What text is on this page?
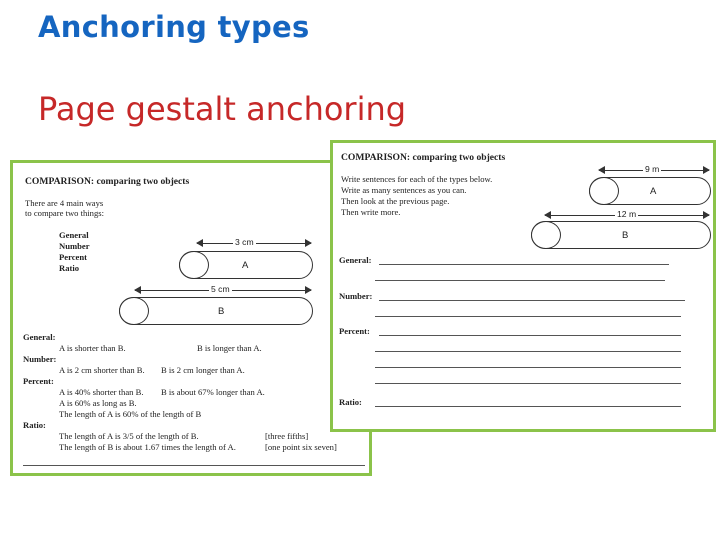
Anchoring types
Page gestalt anchoring
COMPARISON: comparing two objects
There are 4 main ways
to compare two things:
General
Number
Percent
Ratio
3 cm
A
5 cm
B
General:
A is shorter than B.	B is longer than A.
Number:
A is 2 cm shorter than B. B is 2 cm longer than A.
Percent:
A is 40% shorter than B. B is about 67% longer than A.
A is 60% as long as B.
The length of A is 60% of the length of B
Ratio:
The length of A is 3/5 of the length of B.	[three fifths]
The length of B is about 1.67 times the length of A.	[one point six seven]
COMPARISON: comparing two objects
Write sentences for each of the types below.
Write as many sentences as you can.
Then look at the previous page.
Then write more.
9 m
A
12 m
B
General:
Number:
Percent:
Ratio:
